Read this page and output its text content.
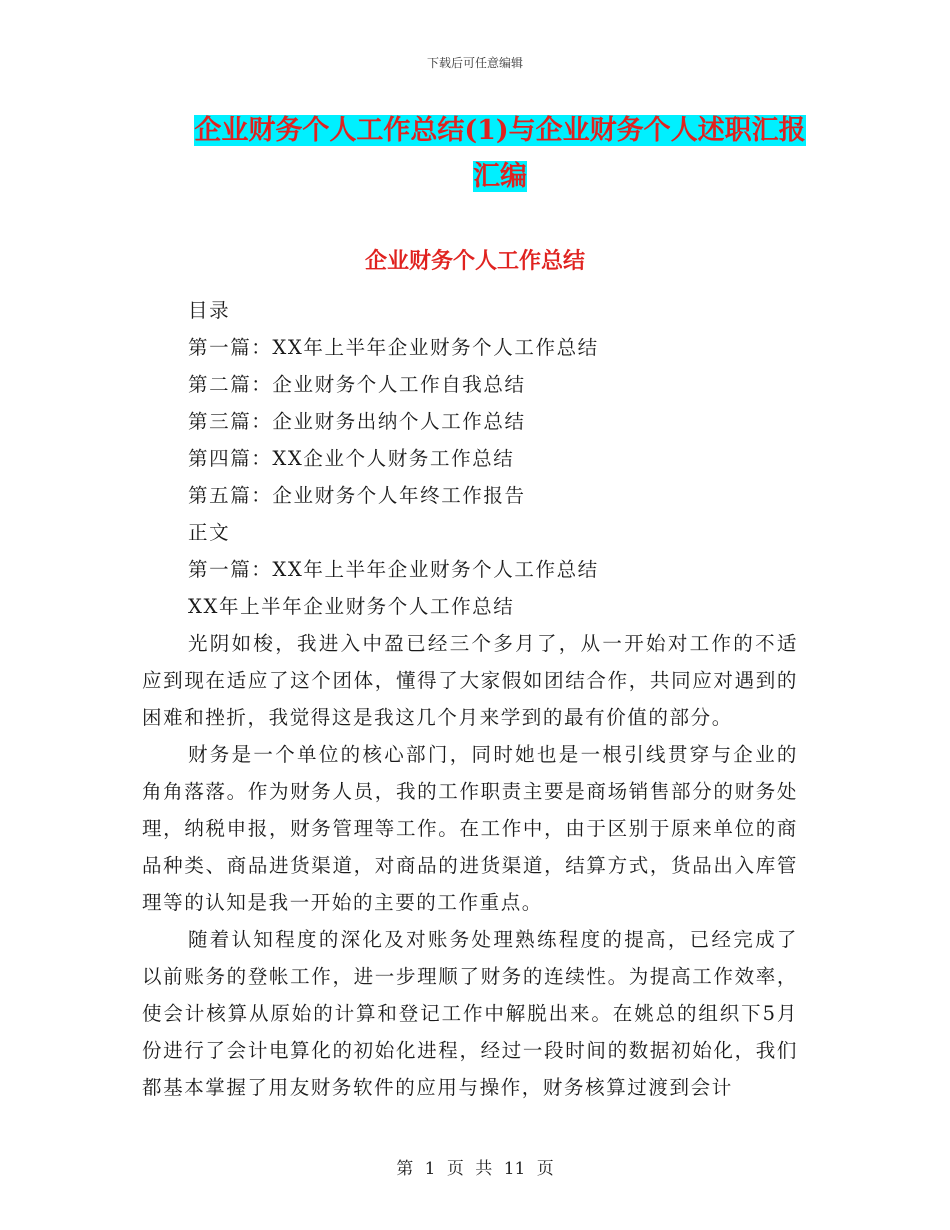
下载后可任意编辑
企业财务个人工作总结(1)与企业财务个人述职汇报汇编
企业财务个人工作总结

目录

第一篇：XX年上半年企业财务个人工作总结

第二篇：企业财务个人工作自我总结

第三篇：企业财务出纳个人工作总结

第四篇：XX企业个人财务工作总结

第五篇：企业财务个人年终工作报告

正文

第一篇：XX年上半年企业财务个人工作总结

XX年上半年企业财务个人工作总结

光阴如梭，我进入中盈已经三个多月了，从一开始对工作的不适应到现在适应了这个团体，懂得了大家假如团结合作，共同应对遇到的困难和挫折，我觉得这是我这几个月来学到的最有价值的部分。

财务是一个单位的核心部门，同时她也是一根引线贯穿与企业的角角落落。作为财务人员，我的工作职责主要是商场销售部分的财务处理，纳税申报，财务管理等工作。在工作中，由于区别于原来单位的商品种类、商品进货渠道，对商品的进货渠道，结算方式，货品出入库管理等的认知是我一开始的主要的工作重点。

随着认知程度的深化及对账务处理熟练程度的提高，已经完成了以前账务的登帐工作，进一步理顺了财务的连续性。为提高工作效率，使会计核算从原始的计算和登记工作中解脱出来。在姚总的组织下5月份进行了会计电算化的初始化进程，经过一段时间的数据初始化，我们都基本掌握了用友财务软件的应用与操作，财务核算过渡到会计

第 1 页 共 11 页
